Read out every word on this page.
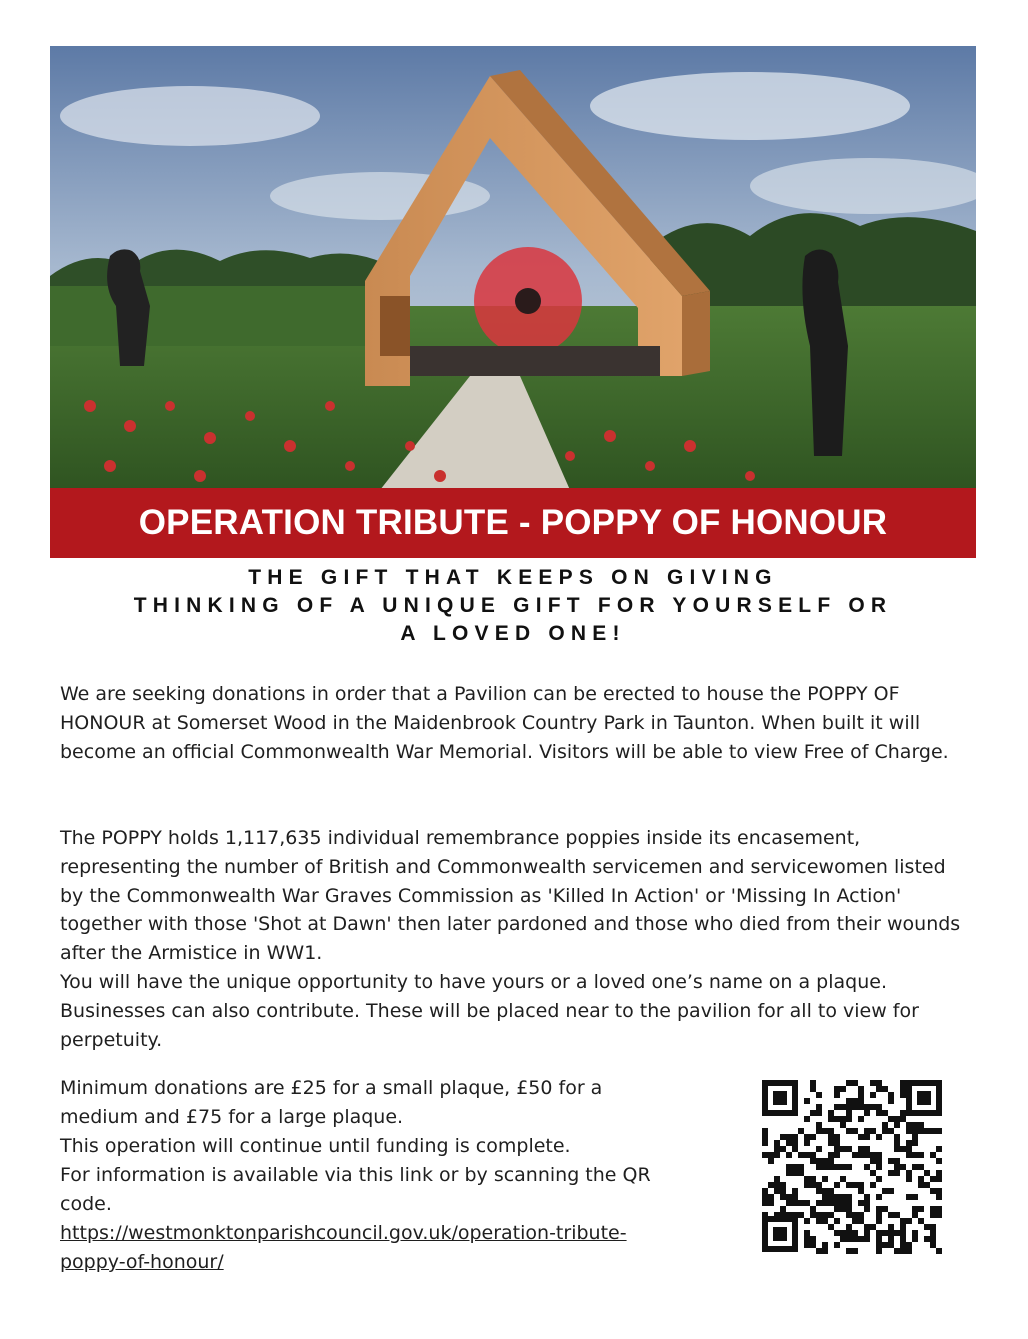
OPERATION TRIBUTE - POPPY OF HONOUR
THE GIFT THAT KEEPS ON GIVING
THINKING OF A UNIQUE GIFT FOR YOURSELF OR
A LOVED ONE!

We are seeking donations in order that a Pavilion can be erected to house the POPPY OF HONOUR at Somerset Wood in the Maidenbrook Country Park in Taunton. When built it will become an official Commonwealth War Memorial. Visitors will be able to view Free of Charge.

The POPPY holds 1,117,635 individual remembrance poppies inside its encasement, representing the number of British and Commonwealth servicemen and servicewomen listed by the Commonwealth War Graves Commission as 'Killed In Action' or 'Missing In Action' together with those 'Shot at Dawn' then later pardoned and those who died from their wounds after the Armistice in WW1.

You will have the unique opportunity to have yours or a loved one’s name on a plaque. Businesses can also contribute. These will be placed near to the pavilion for all to view for perpetuity.

Minimum donations are £25 for a small plaque, £50 for a
medium and £75 for a large plaque.
This operation will continue until funding is complete.
For information is available via this link or by scanning the QR
code.
https://westmonktonparishcouncil.gov.uk/operation-tribute-
poppy-of-honour/
